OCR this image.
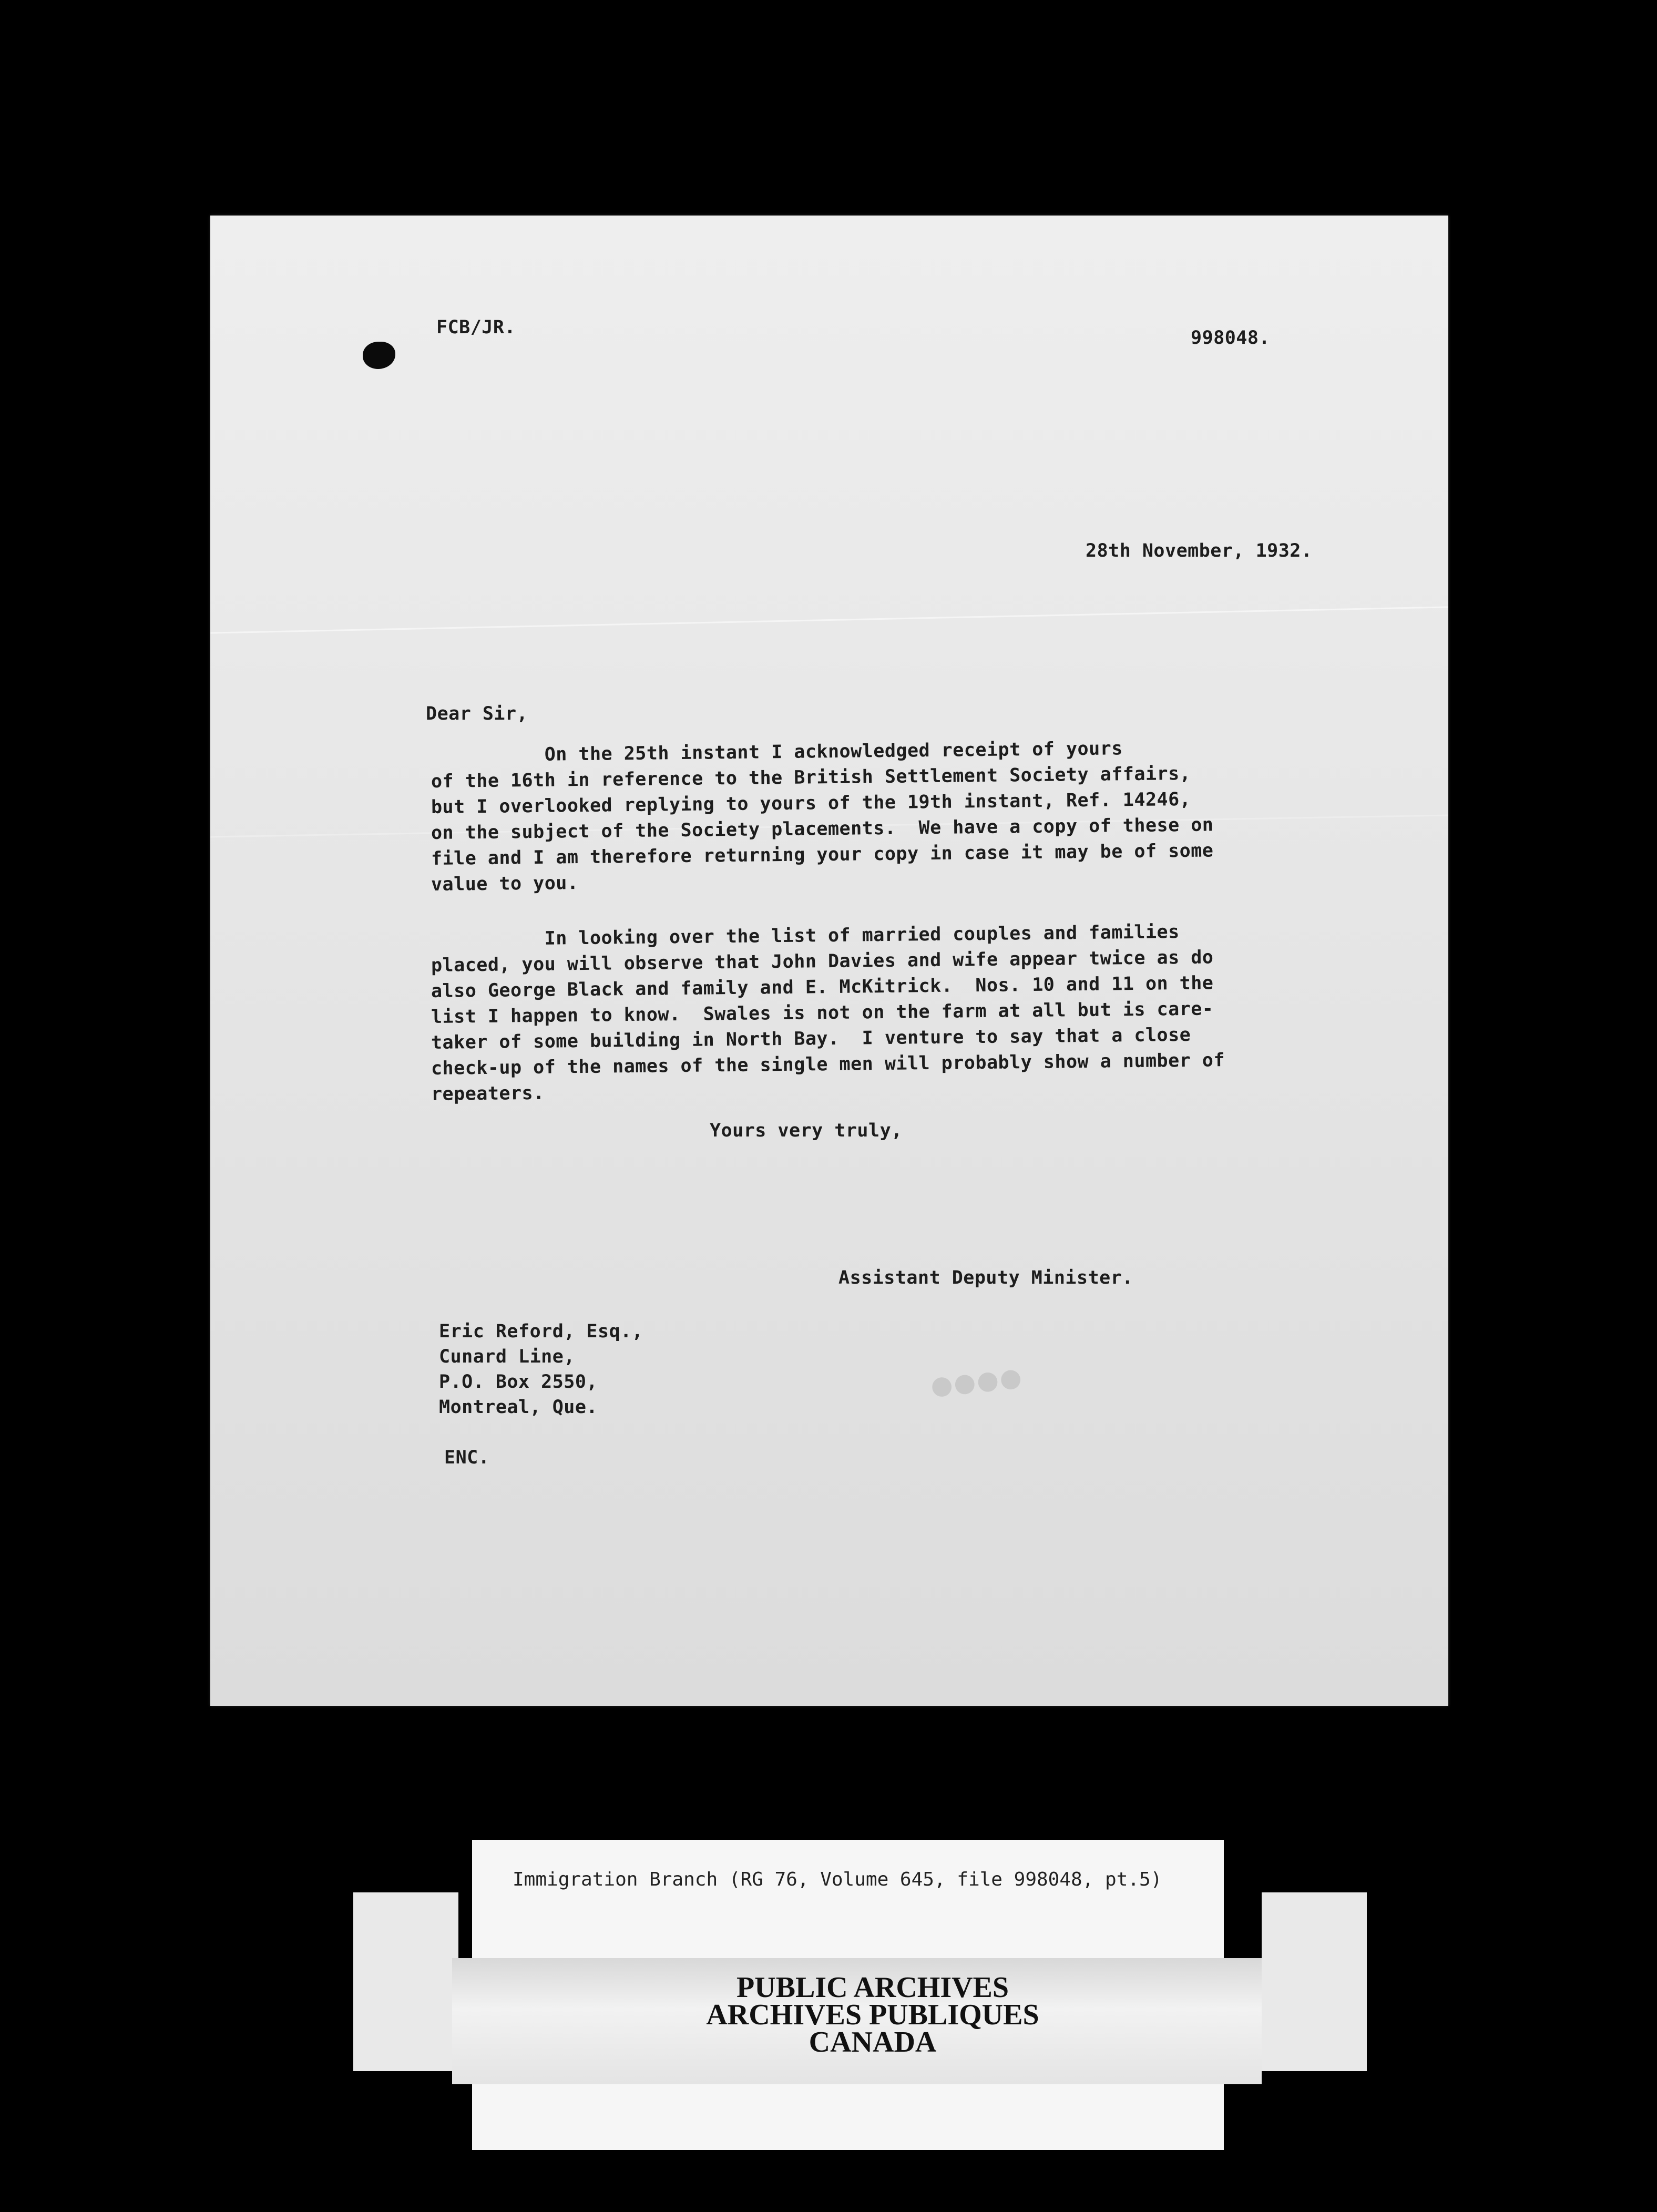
FCB/JR.	998048.

28th November, 1932.

Dear Sir,

On the 25th instant I acknowledged receipt of yours

of the 16th in reference to the British Settlement Society affairs,

but I overlooked replying to yours of the 19th instant, Ref. 14246,

on the subject of the Society placements.  We have a copy of these on

file and I am therefore returning your copy in case it may be of some

value to you.

In looking over the list of married couples and families

placed, you will observe that John Davies and wife appear twice as do

also George Black and family and E. McKitrick.  Nos. 10 and 11 on the

list I happen to know.  Swales is not on the farm at all but is care-

taker of some building in North Bay.  I venture to say that a close

check-up of the names of the single men will probably show a number of

repeaters.

Yours very truly,

Assistant Deputy Minister.

Eric Reford, Esq.,

Cunard Line,

P.O. Box 2550,

Montreal, Que.

ENC.

●●●●
Immigration Branch (RG 76, Volume 645, file 998048, pt.5)
PUBLIC ARCHIVES
ARCHIVES PUBLIQUES
CANADA
